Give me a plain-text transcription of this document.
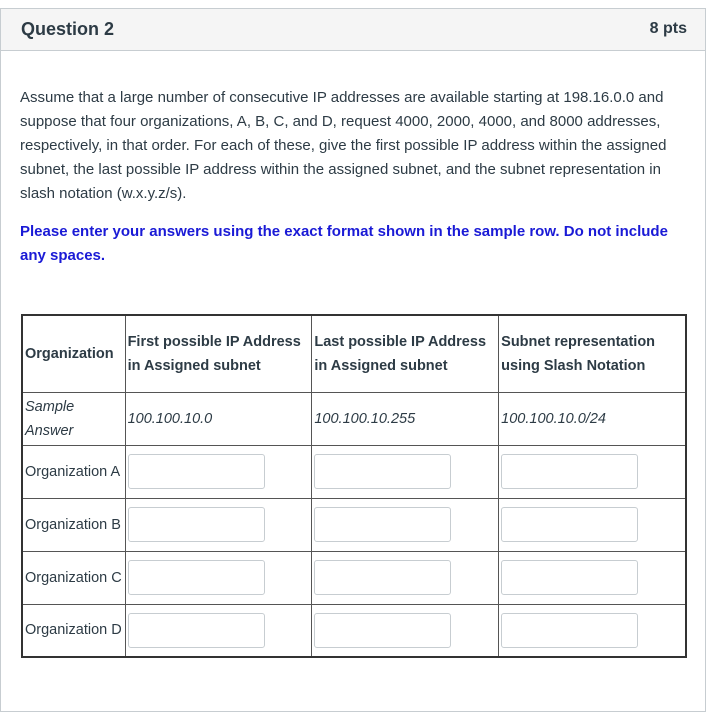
Question 2	8 pts
Assume that a large number of consecutive IP addresses are available starting at 198.16.0.0 and suppose that four organizations, A, B, C, and D, request 4000, 2000, 4000, and 8000 addresses, respectively, in that order. For each of these, give the first possible IP address within the assigned subnet, the last possible IP address within the assigned subnet, and the subnet representation in slash notation (w.x.y.z/s).
Please enter your answers using the exact format shown in the sample row. Do not include any spaces.
Organization	First possible IP Address in Assigned subnet	Last possible IP Address in Assigned subnet	Subnet representation using Slash Notation
Sample Answer	100.100.10.0	100.100.10.255	100.100.10.0/24
Organization A	

Organization B	

Organization C	

Organization D	
